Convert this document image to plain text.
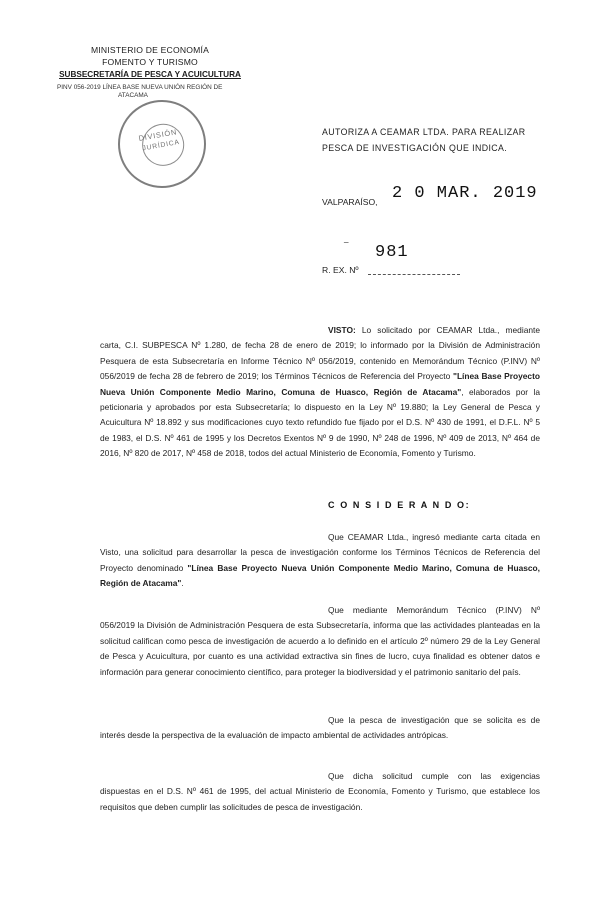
MINISTERIO DE ECONOMÍA
FOMENTO Y TURISMO
SUBSECRETARÍA DE PESCA Y ACUICULTURA
PINV 056-2019 LÍNEA BASE NUEVA UNIÓN REGIÓN DE
ATACAMA
DIVISIÓN
JURÍDICA
AUTORIZA A CEAMAR LTDA. PARA REALIZAR
PESCA DE INVESTIGACIÓN QUE INDICA.
VALPARAÍSO, 2 0 MAR. 2019
_
981
R. EX. Nº

VISTO: Lo solicitado por CEAMAR Ltda., mediante carta, C.I. SUBPESCA Nº 1.280, de fecha 28 de enero de 2019; lo informado por la División de Administración Pesquera de esta Subsecretaría en Informe Técnico Nº 056/2019, contenido en Memorándum Técnico (P.INV) Nº 056/2019 de fecha 28 de febrero de 2019; los Términos Técnicos de Referencia del Proyecto "Línea Base Proyecto Nueva Unión Componente Medio Marino, Comuna de Huasco, Región de Atacama", elaborados por la peticionaria y aprobados por esta Subsecretaría; lo dispuesto en la Ley Nº 19.880; la Ley General de Pesca y Acuicultura Nº 18.892 y sus modificaciones cuyo texto refundido fue fijado por el D.S. Nº 430 de 1991, el D.F.L. Nº 5 de 1983, el D.S. Nº 461 de 1995 y los Decretos Exentos Nº 9 de 1990, Nº 248 de 1996, Nº 409 de 2013, Nº 464 de 2016, Nº 820 de 2017, Nº 458 de 2018, todos del actual Ministerio de Economía, Fomento y Turismo.

C O N S I D E R A N D O:

Que CEAMAR Ltda., ingresó mediante carta citada en Visto, una solicitud para desarrollar la pesca de investigación conforme los Términos Técnicos de Referencia del Proyecto denominado "Línea Base Proyecto Nueva Unión Componente Medio Marino, Comuna de Huasco, Región de Atacama".

Que mediante Memorándum Técnico (P.INV) Nº 056/2019 la División de Administración Pesquera de esta Subsecretaría, informa que las actividades planteadas en la solicitud califican como pesca de investigación de acuerdo a lo definido en el artículo 2º número 29 de la Ley General de Pesca y Acuicultura, por cuanto es una actividad extractiva sin fines de lucro, cuya finalidad es obtener datos e información para generar conocimiento científico, para proteger la biodiversidad y el patrimonio sanitario del país.

Que la pesca de investigación que se solicita es de interés desde la perspectiva de la evaluación de impacto ambiental de actividades antrópicas.

Que dicha solicitud cumple con las exigencias dispuestas en el D.S. Nº 461 de 1995, del actual Ministerio de Economía, Fomento y Turismo, que establece los requisitos que deben cumplir las solicitudes de pesca de investigación.
